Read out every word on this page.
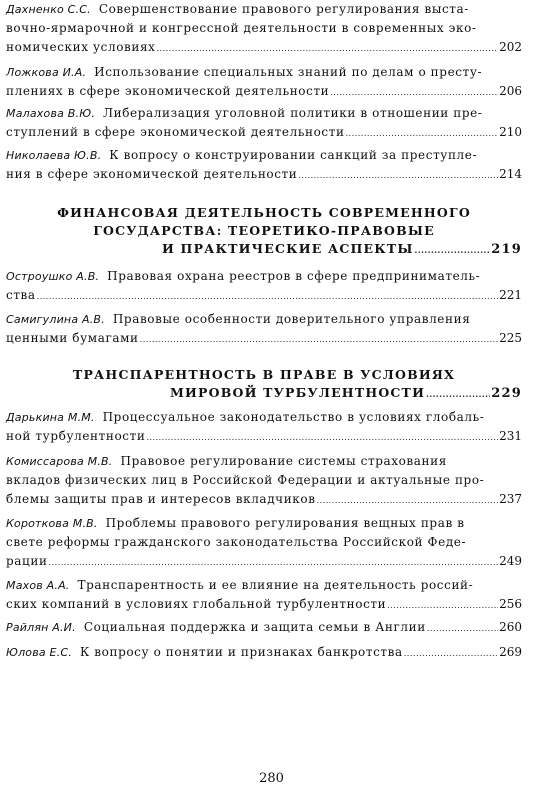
Дахненко С.С. Совершенствование правового регулирования выста-
вочно-ярмарочной и конгрессной деятельности в современных эко-
номических условиях .....	202
Ложкова И.А. Использование специальных знаний по делам о престу-
плениях в сфере экономической деятельности .....	206
Малахова В.Ю. Либерализация уголовной политики в отношении пре-
ступлений в сфере экономической деятельности .....	210
Николаева Ю.В. К вопросу о конструировании санкций за преступле-
ния в сфере экономической деятельности .....	214
ФИНАНСОВАЯ ДЕЯТЕЛЬНОСТЬ СОВРЕМЕННОГО
ГОСУДАРСТВА: ТЕОРЕТИКО-ПРАВОВЫЕ
И ПРАКТИЧЕСКИЕ АСПЕКТЫ .....	219
Остроушко А.В. Правовая охрана реестров в сфере предприниматель-
ства .....	221
Самигулина А.В. Правовые особенности доверительного управления
ценными бумагами .....	225
ТРАНСПАРЕНТНОСТЬ В ПРАВЕ В УСЛОВИЯХ
МИРОВОЙ ТУРБУЛЕНТНОСТИ .....	229
Дарькина М.М. Процессуальное законодательство в условиях глобаль-
ной турбулентности .....	231
Комиссарова М.В. Правовое регулирование системы страхования
вкладов физических лиц в Российской Федерации и актуальные про-
блемы защиты прав и интересов вкладчиков .....	237
Короткова М.В. Проблемы правового регулирования вещных прав в
свете реформы гражданского законодательства Российской Феде-
рации .....	249
Махов А.А. Транспарентность и ее влияние на деятельность россий-
ских компаний в условиях глобальной турбулентности .....	256
Райлян А.И. Социальная поддержка и защита семьи в Англии .....	260
Юлова Е.С. К вопросу о понятии и признаках банкротства .....	269
280
